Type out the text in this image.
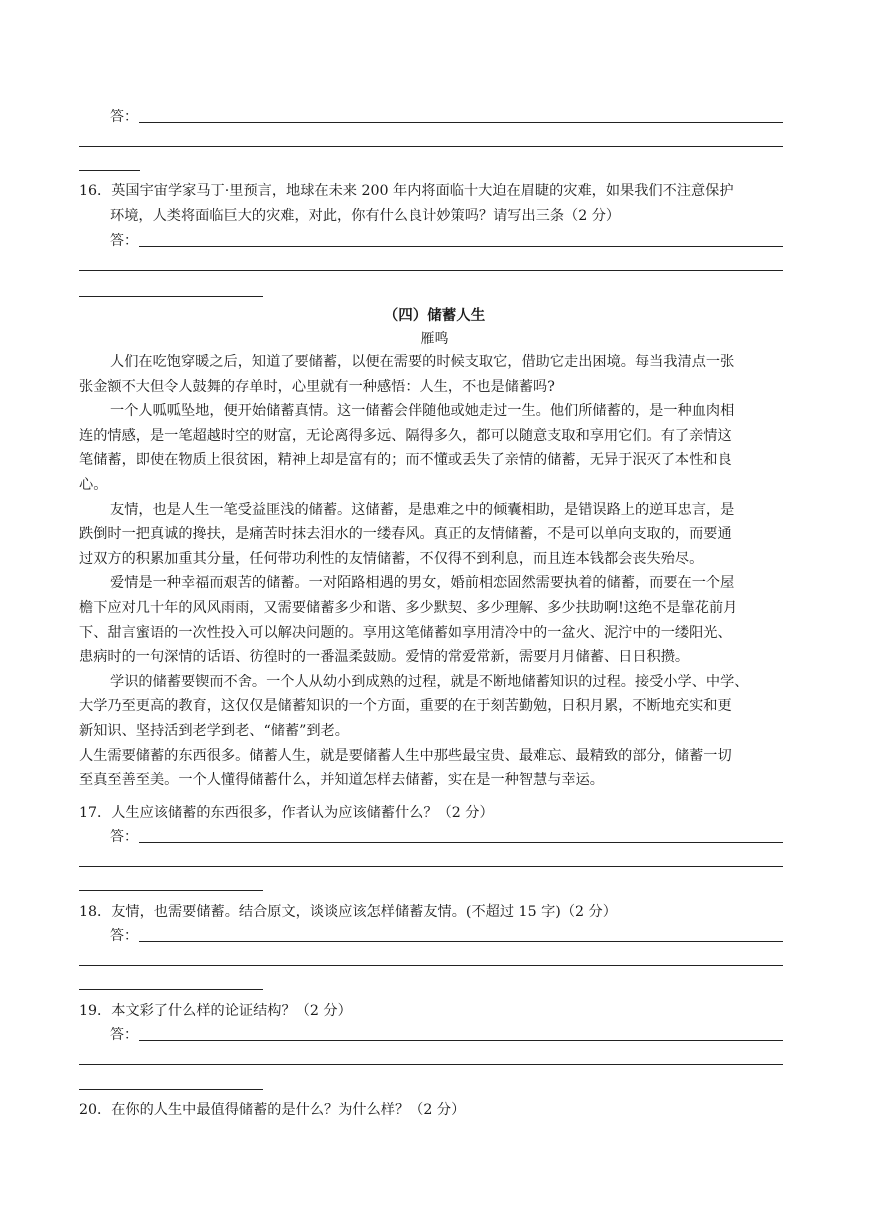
答：
16．英国宇宙学家马丁·里预言，地球在未来 200 年内将面临十大迫在眉睫的灾难，如果我们不注意保护
环境，人类将面临巨大的灾难，对此，你有什么良计妙策吗？请写出三条（2 分）
答：
（四）储蓄人生
雁鸣
人们在吃饱穿暖之后，知道了要储蓄，以便在需要的时候支取它，借助它走出困境。每当我清点一张
张金额不大但令人鼓舞的存单时，心里就有一种感悟：人生，不也是储蓄吗?
一个人呱呱坠地，便开始储蓄真情。这一储蓄会伴随他或她走过一生。他们所储蓄的，是一种血肉相
连的情感，是一笔超越时空的财富，无论离得多远、隔得多久，都可以随意支取和享用它们。有了亲情这
笔储蓄，即使在物质上很贫困，精神上却是富有的；而不懂或丢失了亲情的储蓄，无异于泯灭了本性和良
心。
友情，也是人生一笔受益匪浅的储蓄。这储蓄，是患难之中的倾囊相助，是错误路上的逆耳忠言，是
跌倒时一把真诚的搀扶，是痛苦时抹去泪水的一缕春风。真正的友情储蓄，不是可以单向支取的，而要通
过双方的积累加重其分量，任何带功利性的友情储蓄，不仅得不到利息，而且连本钱都会丧失殆尽。
爱情是一种幸福而艰苦的储蓄。一对陌路相遇的男女，婚前相恋固然需要执着的储蓄，而要在一个屋
檐下应对几十年的风风雨雨，又需要储蓄多少和谐、多少默契、多少理解、多少扶助啊!这绝不是靠花前月
下、甜言蜜语的一次性投入可以解决问题的。享用这笔储蓄如享用清冷中的一盆火、泥泞中的一缕阳光、
患病时的一句深情的话语、彷徨时的一番温柔鼓励。爱情的常爱常新，需要月月储蓄、日日积攒。
学识的储蓄要锲而不舍。一个人从幼小到成熟的过程，就是不断地储蓄知识的过程。接受小学、中学、
大学乃至更高的教育，这仅仅是储蓄知识的一个方面，重要的在于刻苦勤勉，日积月累，不断地充实和更
新知识、坚持活到老学到老、“储蓄”到老。
人生需要储蓄的东西很多。储蓄人生，就是要储蓄人生中那些最宝贵、最难忘、最精致的部分，储蓄一切
至真至善至美。一个人懂得储蓄什么，并知道怎样去储蓄，实在是一种智慧与幸运。
17．人生应该储蓄的东西很多，作者认为应该储蓄什么？（2 分）
答：
18．友情，也需要储蓄。结合原文，谈谈应该怎样储蓄友情。(不超过 15 字)（2 分）
答：
19．本文彩了什么样的论证结构？（2 分）
答：
20．在你的人生中最值得储蓄的是什么？为什么样？（2 分）
